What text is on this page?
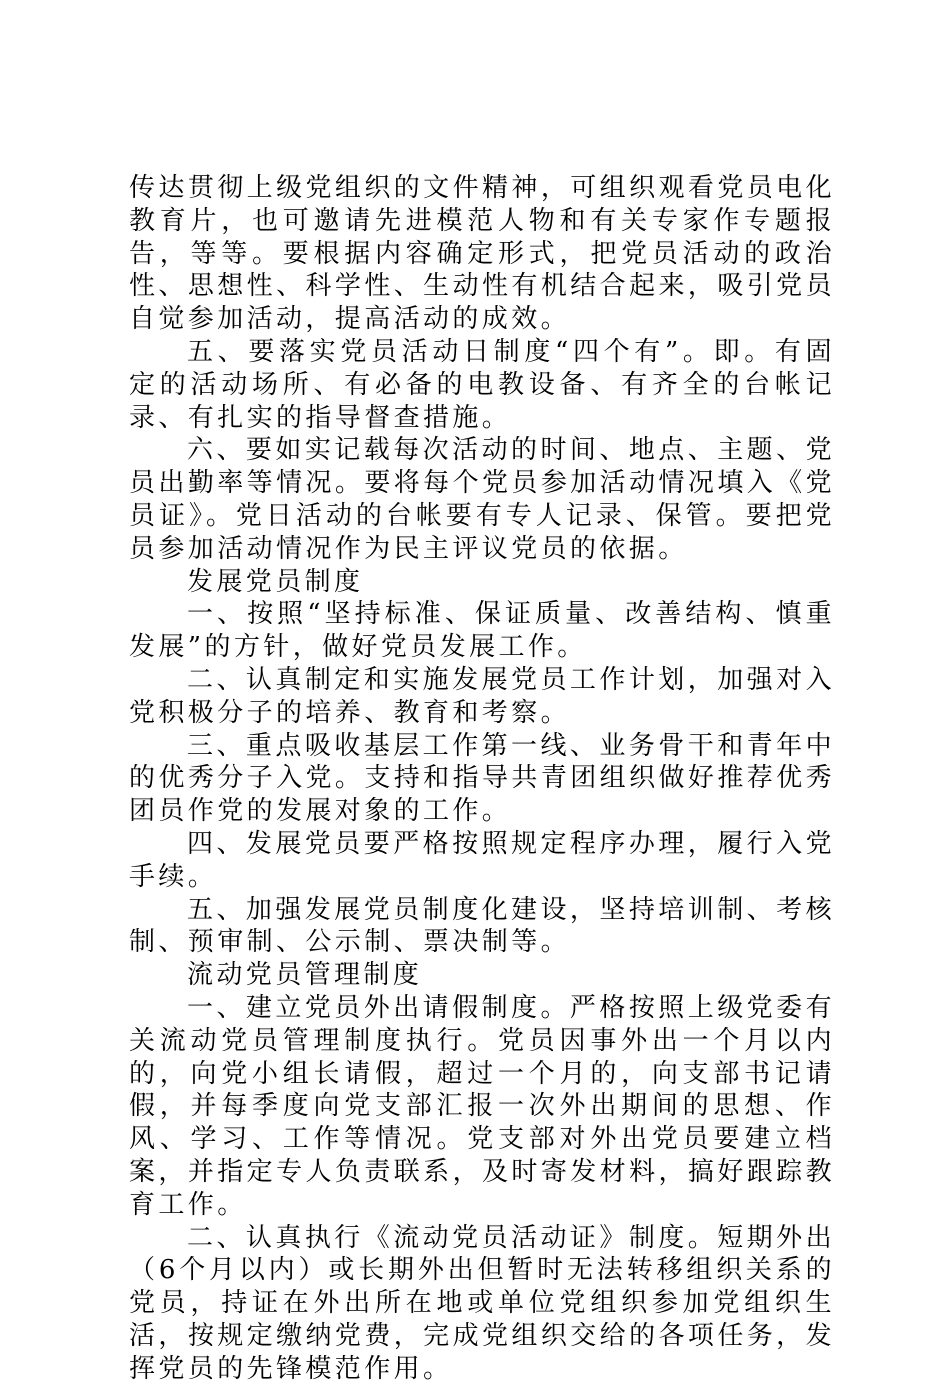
传达贯彻上级党组织的文件精神，可组织观看党员电化教育片，也可邀请先进模范人物和有关专家作专题报告，等等。要根据内容确定形式，把党员活动的政治性、思想性、科学性、生动性有机结合起来，吸引党员自觉参加活动，提高活动的成效。

五、要落实党员活动日制度“四个有”。即。有固定的活动场所、有必备的电教设备、有齐全的台帐记录、有扎实的指导督查措施。

六、要如实记载每次活动的时间、地点、主题、党员出勤率等情况。要将每个党员参加活动情况填入《党员证》。党日活动的台帐要有专人记录、保管。要把党员参加活动情况作为民主评议党员的依据。

发展党员制度

一、按照“坚持标准、保证质量、改善结构、慎重发展”的方针，做好党员发展工作。

二、认真制定和实施发展党员工作计划，加强对入党积极分子的培养、教育和考察。

三、重点吸收基层工作第一线、业务骨干和青年中的优秀分子入党。支持和指导共青团组织做好推荐优秀团员作党的发展对象的工作。

四、发展党员要严格按照规定程序办理，履行入党手续。

五、加强发展党员制度化建设，坚持培训制、考核制、预审制、公示制、票决制等。

流动党员管理制度

一、建立党员外出请假制度。严格按照上级党委有关流动党员管理制度执行。党员因事外出一个月以内的，向党小组长请假，超过一个月的，向支部书记请假，并每季度向党支部汇报一次外出期间的思想、作风、学习、工作等情况。党支部对外出党员要建立档案，并指定专人负责联系，及时寄发材料，搞好跟踪教育工作。

二、认真执行《流动党员活动证》制度。短期外出（6个月以内）或长期外出但暂时无法转移组织关系的党员，持证在外出所在地或单位党组织参加党组织生活，按规定缴纳党费，完成党组织交给的各项任务，发挥党员的先锋模范作用。
